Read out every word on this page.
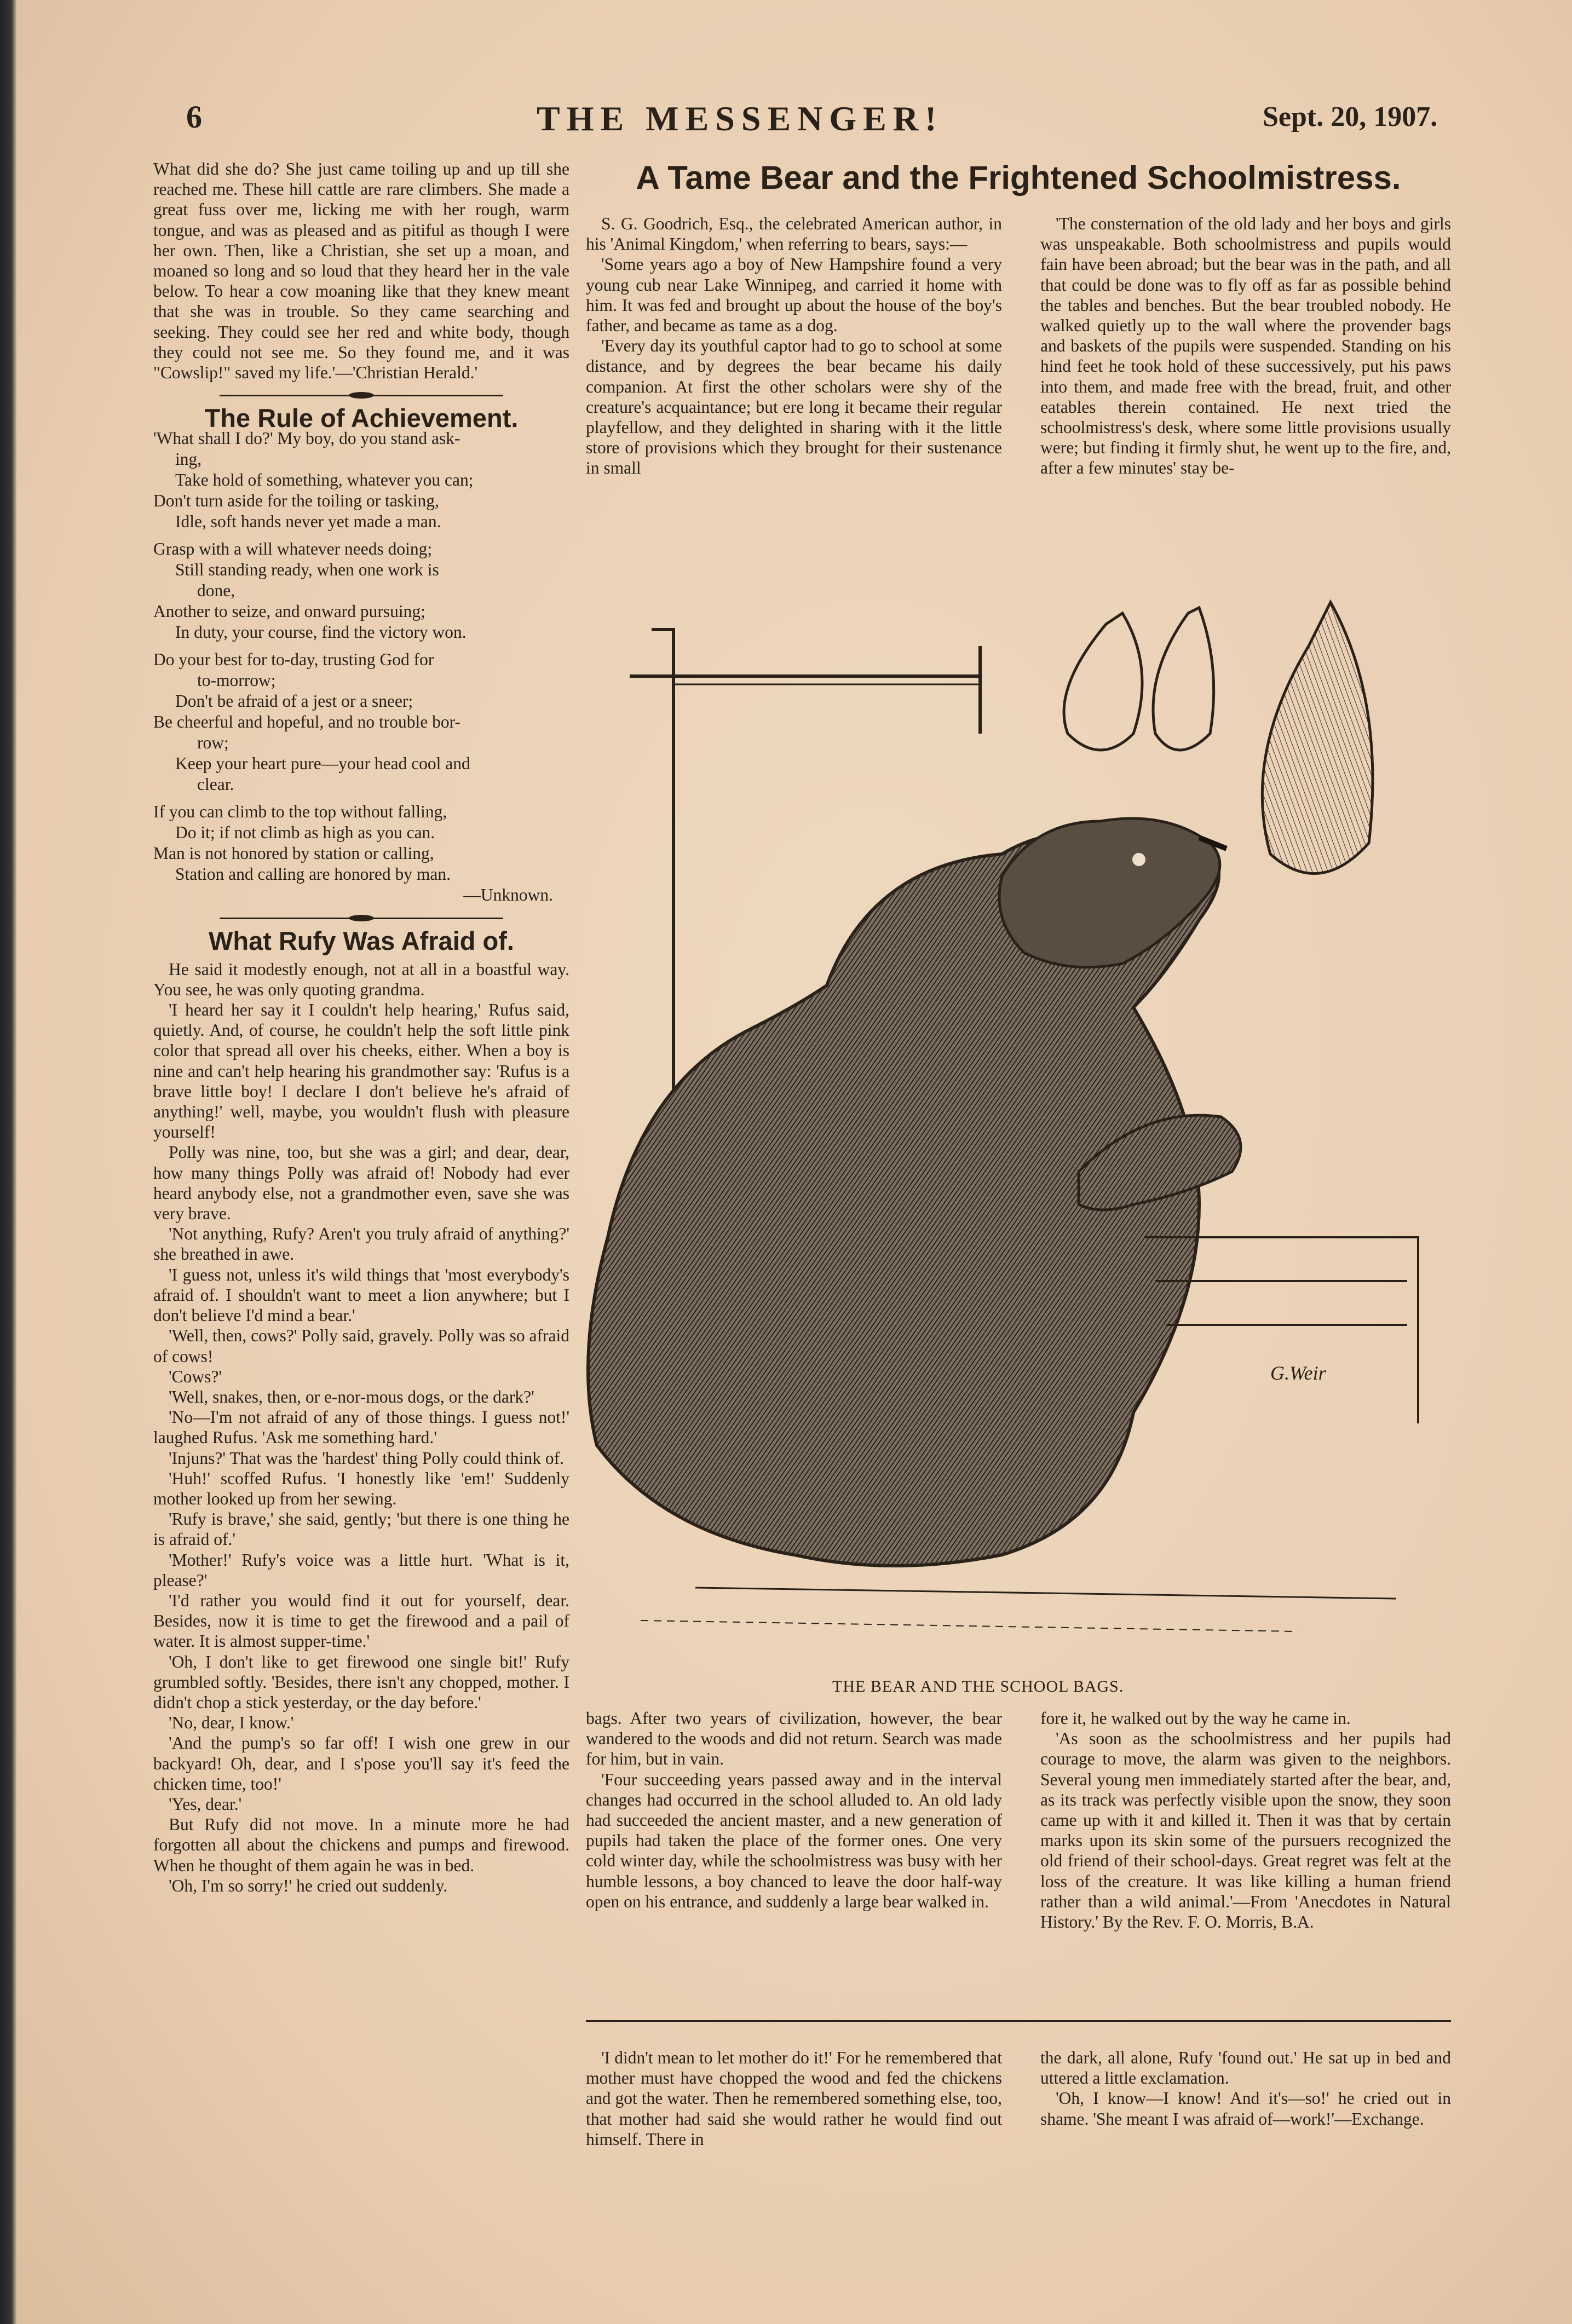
6	THE MESSENGER!	Sept. 20, 1907.

What did she do? She just came toiling up and up till she reached me. These hill cattle are rare climbers. She made a great fuss over me, licking me with her rough, warm tongue, and was as pleased and as pitiful as though I were her own. Then, like a Christian, she set up a moan, and moaned so long and so loud that they heard her in the vale below. To hear a cow moaning like that they knew meant that she was in trouble. So they came searching and seeking. They could see her red and white body, though they could not see me. So they found me, and it was "Cowslip!" saved my life.'—'Christian Herald.'

The Rule of Achievement.
'What shall I do?' My boy, do you stand ask-
ing,
Take hold of something, whatever you can;
Don't turn aside for the toiling or tasking,
Idle, soft hands never yet made a man.
Grasp with a will whatever needs doing;
Still standing ready, when one work is
done,
Another to seize, and onward pursuing;
In duty, your course, find the victory won.
Do your best for to-day, trusting God for
to-morrow;
Don't be afraid of a jest or a sneer;
Be cheerful and hopeful, and no trouble bor-
row;
Keep your heart pure—your head cool and
clear.
If you can climb to the top without falling,
Do it; if not climb as high as you can.
Man is not honored by station or calling,
Station and calling are honored by man.
—Unknown.
What Rufy Was Afraid of.

He said it modestly enough, not at all in a boastful way. You see, he was only quoting grandma.

'I heard her say it I couldn't help hearing,' Rufus said, quietly. And, of course, he couldn't help the soft little pink color that spread all over his cheeks, either. When a boy is nine and can't help hearing his grandmother say: 'Rufus is a brave little boy! I declare I don't believe he's afraid of anything!' well, maybe, you wouldn't flush with pleasure yourself!

Polly was nine, too, but she was a girl; and dear, dear, how many things Polly was afraid of! Nobody had ever heard anybody else, not a grandmother even, save she was very brave.

'Not anything, Rufy? Aren't you truly afraid of anything?' she breathed in awe.

'I guess not, unless it's wild things that 'most everybody's afraid of. I shouldn't want to meet a lion anywhere; but I don't believe I'd mind a bear.'

'Well, then, cows?' Polly said, gravely. Polly was so afraid of cows!

'Cows?'

'Well, snakes, then, or e-nor-mous dogs, or the dark?'

'No—I'm not afraid of any of those things. I guess not!' laughed Rufus. 'Ask me something hard.'

'Injuns?' That was the 'hardest' thing Polly could think of.

'Huh!' scoffed Rufus. 'I honestly like 'em!' Suddenly mother looked up from her sewing.

'Rufy is brave,' she said, gently; 'but there is one thing he is afraid of.'

'Mother!' Rufy's voice was a little hurt. 'What is it, please?'

'I'd rather you would find it out for yourself, dear. Besides, now it is time to get the firewood and a pail of water. It is almost supper-time.'

'Oh, I don't like to get firewood one single bit!' Rufy grumbled softly. 'Besides, there isn't any chopped, mother. I didn't chop a stick yesterday, or the day before.'

'No, dear, I know.'

'And the pump's so far off! I wish one grew in our backyard! Oh, dear, and I s'pose you'll say it's feed the chicken time, too!'

'Yes, dear.'

But Rufy did not move. In a minute more he had forgotten all about the chickens and pumps and firewood. When he thought of them again he was in bed.

'Oh, I'm so sorry!' he cried out suddenly.

A Tame Bear and the Frightened Schoolmistress.

S. G. Goodrich, Esq., the celebrated American author, in his 'Animal Kingdom,' when referring to bears, says:—

'Some years ago a boy of New Hampshire found a very young cub near Lake Winnipeg, and carried it home with him. It was fed and brought up about the house of the boy's father, and became as tame as a dog.

'Every day its youthful captor had to go to school at some distance, and by degrees the bear became his daily companion. At first the other scholars were shy of the creature's acquaintance; but ere long it became their regular playfellow, and they delighted in sharing with it the little store of provisions which they brought for their sustenance in small

'The consternation of the old lady and her boys and girls was unspeakable. Both schoolmistress and pupils would fain have been abroad; but the bear was in the path, and all that could be done was to fly off as far as possible behind the tables and benches. But the bear troubled nobody. He walked quietly up to the wall where the provender bags and baskets of the pupils were suspended. Standing on his hind feet he took hold of these successively, put his paws into them, and made free with the bread, fruit, and other eatables therein contained. He next tried the schoolmistress's desk, where some little provisions usually were; but finding it firmly shut, he went up to the fire, and, after a few minutes' stay be-

G.Weir
THE BEAR AND THE SCHOOL BAGS.

bags. After two years of civilization, however, the bear wandered to the woods and did not return. Search was made for him, but in vain.

'Four succeeding years passed away and in the interval changes had occurred in the school alluded to. An old lady had succeeded the ancient master, and a new generation of pupils had taken the place of the former ones. One very cold winter day, while the schoolmistress was busy with her humble lessons, a boy chanced to leave the door half-way open on his entrance, and suddenly a large bear walked in.

fore it, he walked out by the way he came in.

'As soon as the schoolmistress and her pupils had courage to move, the alarm was given to the neighbors. Several young men immediately started after the bear, and, as its track was perfectly visible upon the snow, they soon came up with it and killed it. Then it was that by certain marks upon its skin some of the pursuers recognized the old friend of their school-days. Great regret was felt at the loss of the creature. It was like killing a human friend rather than a wild animal.'—From 'Anecdotes in Natural History.' By the Rev. F. O. Morris, B.A.

'I didn't mean to let mother do it!' For he remembered that mother must have chopped the wood and fed the chickens and got the water. Then he remembered something else, too, that mother had said she would rather he would find out himself. There in

the dark, all alone, Rufy 'found out.' He sat up in bed and uttered a little exclamation.

'Oh, I know—I know! And it's—so!' he cried out in shame. 'She meant I was afraid of—work!'—Exchange.
